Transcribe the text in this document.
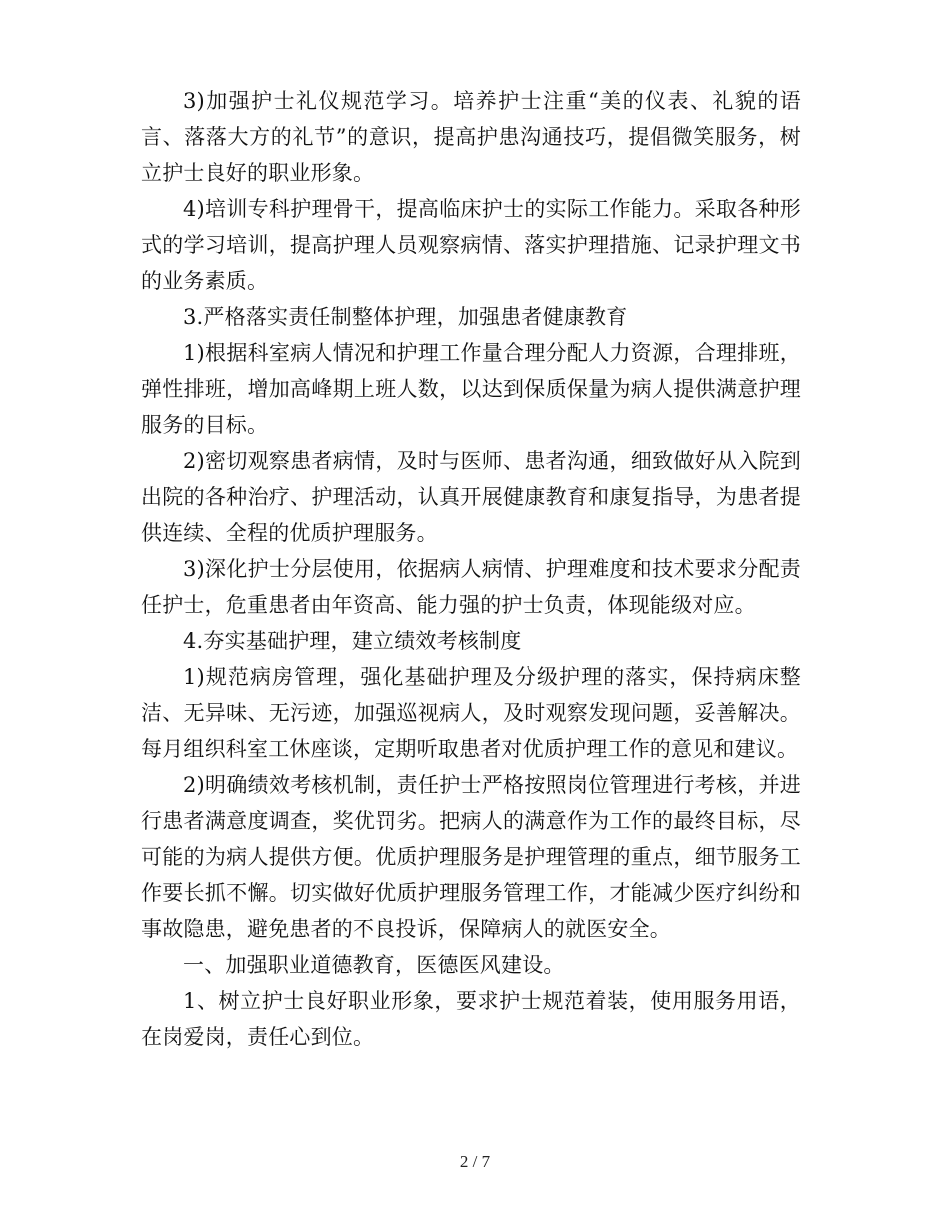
3)加强护士礼仪规范学习。培养护士注重“美的仪表、礼貌的语言、落落大方的礼节”的意识，提高护患沟通技巧，提倡微笑服务，树立护士良好的职业形象。

4)培训专科护理骨干，提高临床护士的实际工作能力。采取各种形式的学习培训，提高护理人员观察病情、落实护理措施、记录护理文书的业务素质。

3.严格落实责任制整体护理，加强患者健康教育

1)根据科室病人情况和护理工作量合理分配人力资源，合理排班，弹性排班，增加高峰期上班人数，以达到保质保量为病人提供满意护理服务的目标。

2)密切观察患者病情，及时与医师、患者沟通，细致做好从入院到出院的各种治疗、护理活动，认真开展健康教育和康复指导，为患者提供连续、全程的优质护理服务。

3)深化护士分层使用，依据病人病情、护理难度和技术要求分配责任护士，危重患者由年资高、能力强的护士负责，体现能级对应。

4.夯实基础护理，建立绩效考核制度

1)规范病房管理，强化基础护理及分级护理的落实，保持病床整洁、无异味、无污迹，加强巡视病人，及时观察发现问题，妥善解决。每月组织科室工休座谈，定期听取患者对优质护理工作的意见和建议。

2)明确绩效考核机制，责任护士严格按照岗位管理进行考核，并进行患者满意度调查，奖优罚劣。把病人的满意作为工作的最终目标，尽可能的为病人提供方便。优质护理服务是护理管理的重点，细节服务工作要长抓不懈。切实做好优质护理服务管理工作，才能减少医疗纠纷和事故隐患，避免患者的不良投诉，保障病人的就医安全。

一、加强职业道德教育，医德医风建设。

1、树立护士良好职业形象，要求护士规范着装，使用服务用语，在岗爱岗，责任心到位。

2 / 7
